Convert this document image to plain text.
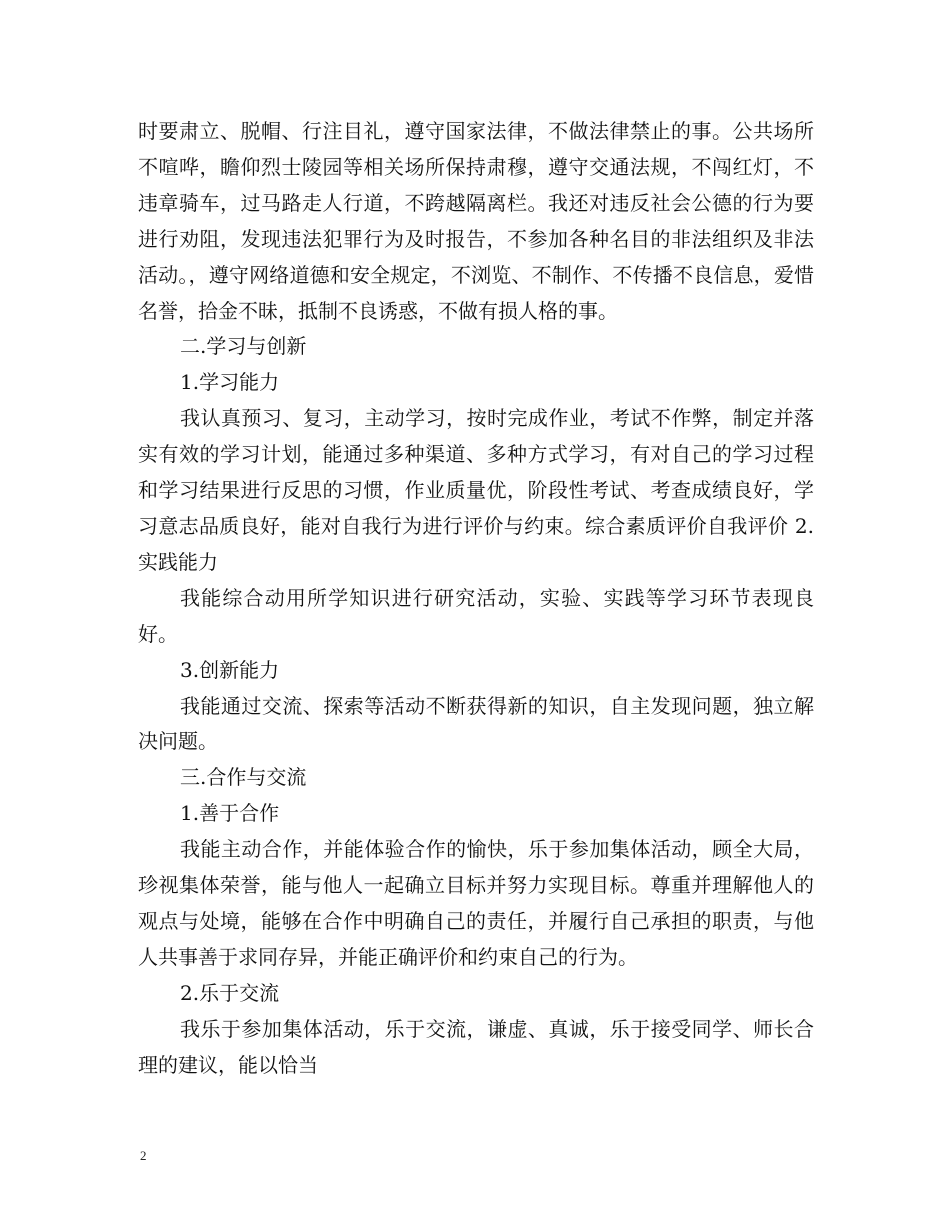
时要肃立、脱帽、行注目礼，遵守国家法律，不做法律禁止的事。公共场所不喧哗，瞻仰烈士陵园等相关场所保持肃穆，遵守交通法规，不闯红灯，不违章骑车，过马路走人行道，不跨越隔离栏。我还对违反社会公德的行为要进行劝阻，发现违法犯罪行为及时报告，不参加各种名目的非法组织及非法活动。，遵守网络道德和安全规定，不浏览、不制作、不传播不良信息，爱惜名誉，拾金不昧，抵制不良诱惑，不做有损人格的事。

二.学习与创新

1.学习能力

我认真预习、复习，主动学习，按时完成作业，考试不作弊，制定并落实有效的学习计划，能通过多种渠道、多种方式学习，有对自己的学习过程和学习结果进行反思的习惯，作业质量优，阶段性考试、考查成绩良好，学习意志品质良好，能对自我行为进行评价与约束。综合素质评价自我评价 2.实践能力

我能综合动用所学知识进行研究活动，实验、实践等学习环节表现良好。

3.创新能力

我能通过交流、探索等活动不断获得新的知识，自主发现问题，独立解决问题。

三.合作与交流

1.善于合作

我能主动合作，并能体验合作的愉快，乐于参加集体活动，顾全大局，珍视集体荣誉，能与他人一起确立目标并努力实现目标。尊重并理解他人的观点与处境，能够在合作中明确自己的责任，并履行自己承担的职责，与他人共事善于求同存异，并能正确评价和约束自己的行为。

2.乐于交流

我乐于参加集体活动，乐于交流，谦虚、真诚，乐于接受同学、师长合理的建议，能以恰当

2
